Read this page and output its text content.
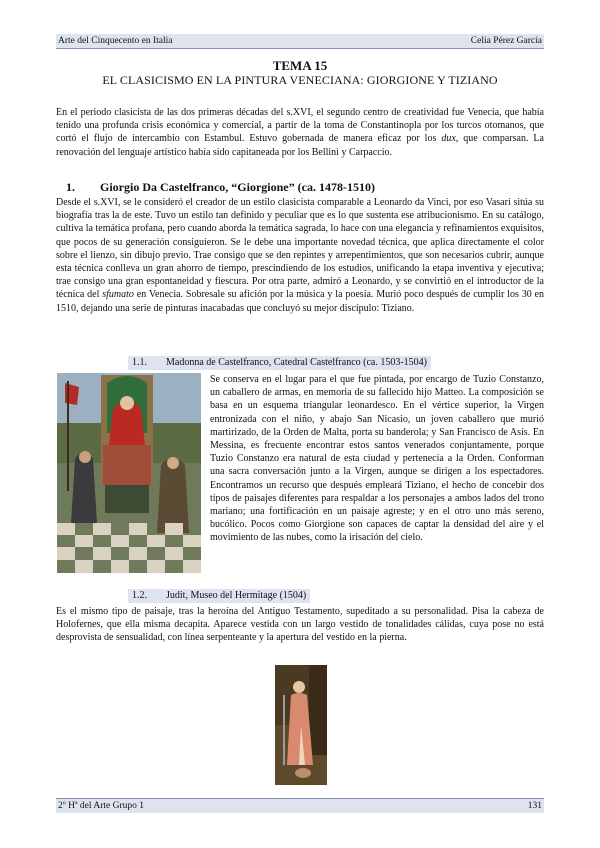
Arte del Cinquecento en Italia	Celia Pérez García
TEMA 15
EL CLASICISMO EN LA PINTURA VENECIANA: GIORGIONE Y TIZIANO

En el periodo clasicista de las dos primeras décadas del s.XVI, el segundo centro de creatividad fue Venecia, que había tenido una profunda crisis económica y comercial, a partir de la toma de Constantinopla por los turcos otomanos, que cortó el flujo de intercambio con Estambul. Estuvo gobernada de manera eficaz por los dux, que comparsan. La renovación del lenguaje artístico había sido capitaneada por los Bellini y Carpaccio.

1. Giorgio Da Castelfranco, “Giorgione” (ca. 1478-1510)

Desde el s.XVI, se le consideró el creador de un estilo clasicista comparable a Leonardo da Vinci, por eso Vasari sitúa su biografía tras la de este. Tuvo un estilo tan definido y peculiar que es lo que sustenta ese atribucionismo. En su catálogo, cultiva la temática profana, pero cuando aborda la temática sagrada, lo hace con una elegancia y refinamientos exquisitos, que pocos de su generación consiguieron. Se le debe una importante novedad técnica, que aplica directamente el color sobre el lienzo, sin dibujo previo. Trae consigo que se den repintes y arrepentimientos, que son necesarios cubrir, aunque esta técnica conlleva un gran ahorro de tiempo, prescindiendo de los estudios, unificando la etapa inventiva y ejecutiva; trae consigo una gran espontaneidad y fiescura. Por otra parte, admiró a Leonardo, y se convirtió en el introductor de la técnica del sfumato en Venecia. Sobresale su afición por la música y la poesía. Murió poco después de cumplir los 30 en 1510, dejando una serie de pinturas inacabadas que concluyó su mejor discípulo: Tiziano.

1.1. Madonna de Castelfranco, Catedral Castelfranco (ca. 1503-1504)

Se conserva en el lugar para el que fue pintada, por encargo de Tuzio Constanzo, un caballero de armas, en memoria de su fallecido hijo Matteo. La composición se basa en un esquema triangular leonardesco. En el vértice superior, la Virgen entronizada con el niño, y abajo San Nicasio, un joven caballero que murió martirizado, de la Orden de Malta, porta su banderola; y San Francisco de Asís. En Messina, es frecuente encontrar estos santos venerados conjuntamente, porque Tuzio Constanzo era natural de esta ciudad y pertenecía a la Orden. Conforman una sacra conversación junto a la Virgen, aunque se dirigen a los espectadores. Encontramos un recurso que después empleará Tiziano, el hecho de concebir dos tipos de paisajes diferentes para respaldar a los personajes a ambos lados del trono mariano; una fortificación en un paisaje agreste; y en el otro uno más sereno, bucólico. Pocos como Giorgione son capaces de captar la densidad del aire y el movimiento de las nubes, como la irisación del cielo.

1.2. Judit, Museo del Hermitage (1504)

Es el mismo tipo de paisaje, tras la heroína del Antiguo Testamento, supeditado a su personalidad. Pisa la cabeza de Holofernes, que ella misma decapita. Aparece vestida con un largo vestido de tonalidades cálidas, cuya pose no está desprovista de sensualidad, con línea serpenteante y la apertura del vestido en la pierna.

2º Hª del Arte Grupo 1	131
